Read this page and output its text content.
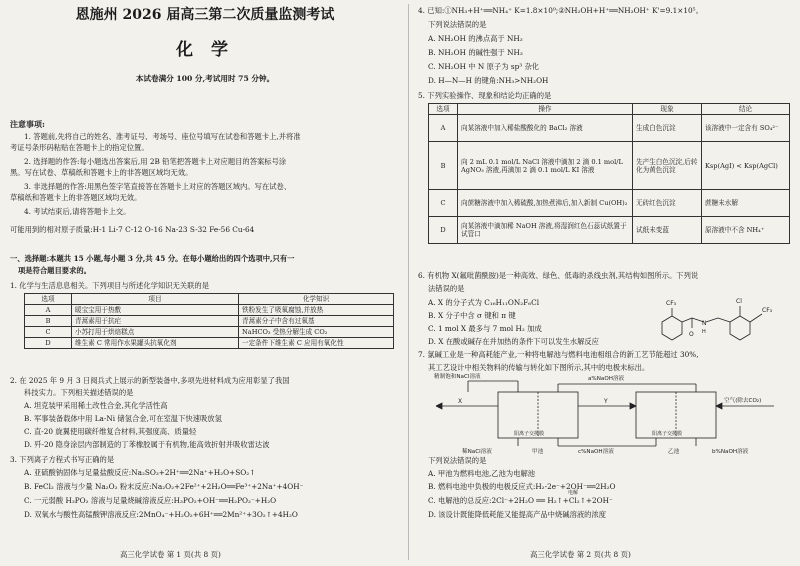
恩施州 2026 届高三第二次质量监测考试
化 学
本试卷满分 100 分,考试用时 75 分钟。
注意事项:
1. 答题前,先将自己的姓名、准考证号、考场号、座位号填写在试卷和答题卡上,并将准
考证号条形码粘贴在答题卡上的指定位置。
2. 选择题的作答:每小题选出答案后,用 2B 铅笔把答题卡上对应题目的答案标号涂
黑。写在试卷、草稿纸和答题卡上的非答题区域均无效。
3. 非选择题的作答:用黑色签字笔直接答在答题卡上对应的答题区域内。写在试卷、
草稿纸和答题卡上的非答题区域均无效。
4. 考试结束后,请将答题卡上交。
可能用到的相对原子质量:H-1 Li-7 C-12 O-16 Na-23 S-32 Fe-56 Cu-64
一、选择题:本题共 15 小题,每小题 3 分,共 45 分。在每小题给出的四个选项中,只有一
项是符合题目要求的。
1. 化学与生活息息相关。下列项目与所述化学知识无关联的是
选项	项目	化学知识
A	暖宝宝用于热敷	铁粉发生了吸氧腐蚀,并放热
B	青蒿素用于抗疟	青蒿素分子中含有过氧基
C	小苏打用于烘焙糕点	NaHCO₃ 受热分解生成 CO₂
D	维生素 C 常用作水果罐头抗氧化剂	一定条件下维生素 C 应用有氧化性
2. 在 2025 年 9 月 3 日阅兵式上展示的新型装备中,多项先进材料成为应用彰显了我国
科技实力。下列相关描述错误的是
A. 坦克装甲采用稀土改性合金,其化学活性高
B. 军事装备载体中用 La-Ni 储氢合金,可在室温下快速吸放氢
C. 直-20 旋翼使用碳纤维复合材料,其强度高、质量轻
D. 歼-20 隐身涂层内部制造的丁苯橡胶属于有机物,能高效折射并吸收雷达波
3. 下列离子方程式书写正确的是
A. 亚硫酸钠固体与足量盐酸反应:Na₂SO₃+2H⁺══2Na⁺+H₂O+SO₂↑
B. FeCl₂ 溶液与少量 Na₂O₂ 粉末反应:Na₂O₂+2Fe²⁺+2H₂O══Fe³⁺+2Na⁺+4OH⁻
C. 一元弱酸 H₃PO₂ 溶液与足量烧碱溶液反应:H₃PO₂+OH⁻══H₂PO₂⁻+H₂O
D. 双氧水与酸性高锰酸钾溶液反应:2MnO₄⁻+H₂O₂+6H⁺══2Mn²⁺+3O₂↑+4H₂O
高三化学试卷 第 1 页(共 8 页)
4. 已知:①NH₃+H⁺══NH₄⁺ K=1.8×10⁹;②NH₂OH+H⁺══NH₃OH⁺ K'=9.1×10⁵。
下列说法错误的是
A. NH₂OH 的沸点高于 NH₃
B. NH₂OH 的碱性强于 NH₃
C. NH₂OH 中 N 原子为 sp³ 杂化
D. H—N—H 的键角:NH₃>NH₂OH
5. 下列实验操作、现象和结论均正确的是
选项	操作	现象	结论
A	向某溶液中加入稀盐酸酸化的 BaCl₂ 溶液	生成白色沉淀	该溶液中一定含有 SO₄²⁻
B	向 2 mL 0.1 mol/L NaCl 溶液中滴加 2 滴 0.1 mol/L AgNO₃ 溶液,再滴加 2 滴 0.1 mol/L KI 溶液	先产生白色沉淀,后转化为黄色沉淀	Ksp(AgI) < Ksp(AgCl)
C	向蔗糖溶液中加入稀硫酸,加热煮沸后,加入新制 Cu(OH)₂	无砖红色沉淀	蔗糖未水解
D	向某溶液中滴加稀 NaOH 溶液,将湿润红色石蕊试纸置于试管口	试纸未变蓝	原溶液中不含 NH₄⁺
6. 有机物 X(氟吡菌酰胺)是一种高效、绿色、低毒的杀线虫剂,其结构如图所示。下列说
法错误的是
A. X 的分子式为 C₁₆H₁₁ON₂F₆Cl
B. X 分子中含 σ 键和 π 键
C. 1 mol X 最多与 7 mol H₂ 加成
D. X 在酸或碱存在并加热的条件下可以发生水解反应
CF₃
O
N
H
Cl
CF₃
7. 氯碱工业是一种高耗能产业,一种将电解池与燃料电池相组合的新工艺节能超过 30%,
其工艺设计中相关物料的传输与转化如下图所示,其中的电极未标出。
精制饱和NaCl溶液	a%NaOH溶液
X	Y	空气(除去CO₂)
阳离子交换膜	阳离子交换膜
稀NaCl溶液	甲池	c%NaOH溶液	乙池	b%NaOH溶液
下列说法错误的是
A. 甲池为燃料电池,乙池为电解池
B. 燃料电池中负极的电极反应式:H₂-2e⁻+2OH⁻══2H₂O
电解
C. 电解池的总反应:2Cl⁻+2H₂O ══ H₂↑+Cl₂↑+2OH⁻
D. 该设计既能降低耗能又能提高产品中烧碱溶液的浓度
高三化学试卷 第 2 页(共 8 页)
